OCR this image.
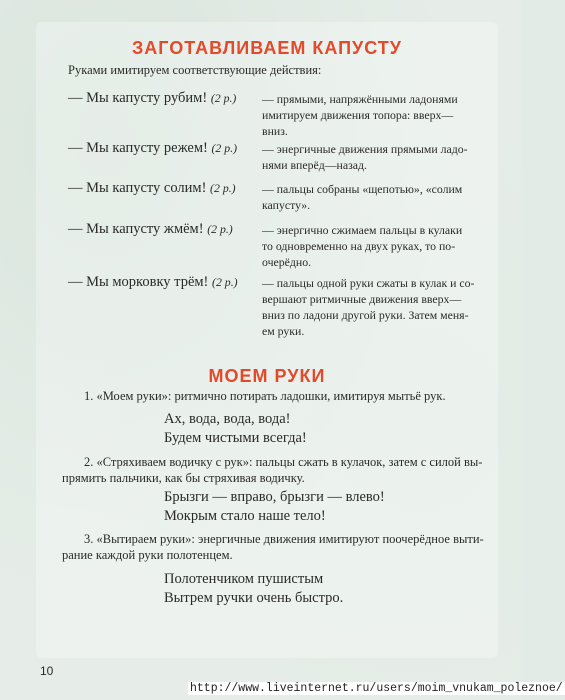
ЗАГОТАВЛИВАЕМ КАПУСТУ
Руками имитируем соответствующие действия:
— Мы капусту рубим! (2 р.) — прямыми, напряжёнными ладонями
имитируем движения топора: вверх—
вниз.
— Мы капусту режем! (2 р.) — энергичные движения прямыми ладо-
нями вперёд—назад.
— Мы капусту солим! (2 р.) — пальцы собраны «щепотью», «солим
капусту».
— Мы капусту жмём! (2 р.) — энергично сжимаем пальцы в кулаки
то одновременно на двух руках, то по-
очерёдно.
— Мы морковку трём! (2 р.) — пальцы одной руки сжаты в кулак и со-
вершают ритмичные движения вверх—
вниз по ладони другой руки. Затем меня-
ем руки.
МОЕМ РУКИ
1. «Моем руки»: ритмично потирать ладошки, имитируя мытьё рук.
Ах, вода, вода, вода!
Будем чистыми всегда!
2. «Стряхиваем водичку с рук»: пальцы сжать в кулачок, затем с силой вы-
прямить пальчики, как бы стряхивая водичку.
Брызги — вправо, брызги — влево!
Мокрым стало наше тело!
3. «Вытираем руки»: энергичные движения имитируют поочерёдное выти-
рание каждой руки полотенцем.
Полотенчиком пушистым
Вытрем ручки очень быстро.
10
http://www.liveinternet.ru/users/moim_vnukam_poleznoe/
